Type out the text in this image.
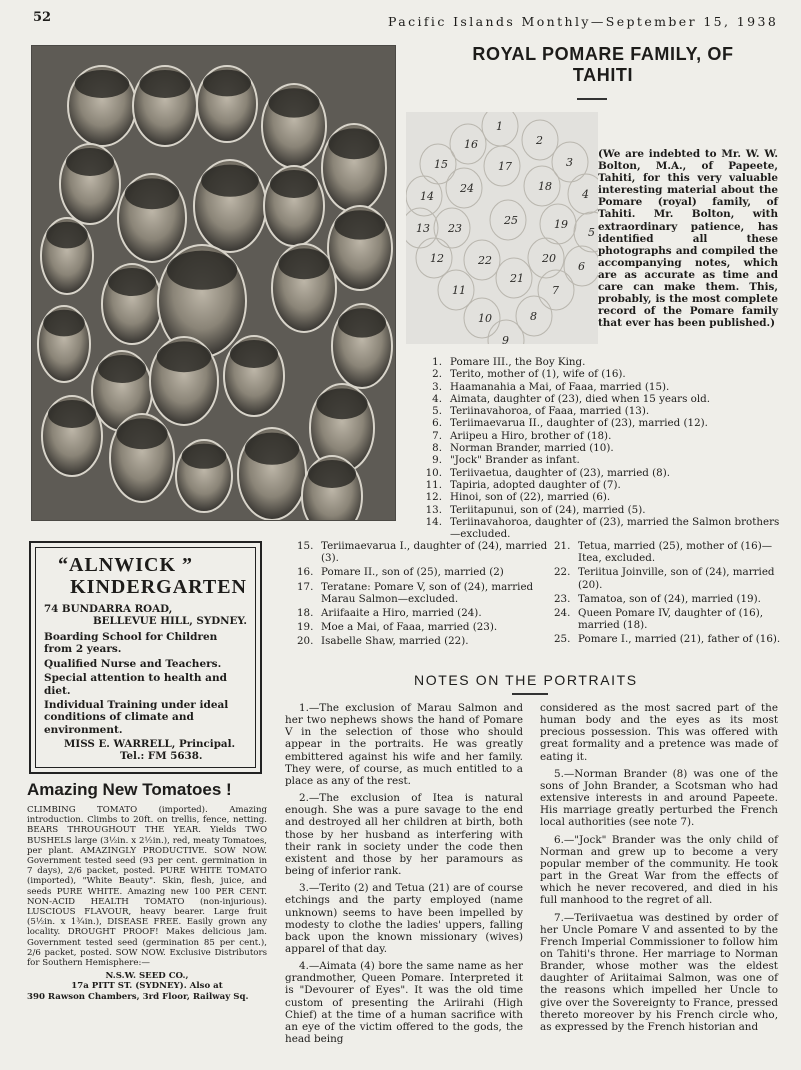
52	Pacific Islands Monthly—September 15, 1938
ROYAL POMARE FAMILY, OF
TAHITI
1
2
3
4
5
6
7
8
9
10
11
12
13
14
15
16
17
18
19
20
21
22
23
24
25
(We are indebted to Mr. W. W. Bolton, M.A., of Papeete, Tahiti, for this very valuable interesting material about the Pomare (royal) family, of Tahiti. Mr. Bolton, with extraordinary patience, has identified all these photographs and compiled the accompanying notes, which are as accurate as time and care can make them. This, probably, is the most complete record of the Pomare family that ever has been published.)
1. Pomare III., the Boy King.
2. Terito, mother of (1), wife of (16).
3. Haamanahia a Mai, of Faaa, married (15).
4. Aimata, daughter of (23), died when 15 years old.
5. Teriinavahoroa, of Faaa, married (13).
6. Teriimaevarua II., daughter of (23), married (12).
7. Ariipeu a Hiro, brother of (18).
8. Norman Brander, married (10).
9. "Jock" Brander as infant.
10. Teriivaetua, daughter of (23), married (8).
11. Tapiria, adopted daughter of (7).
12. Hinoi, son of (22), married (6).
13. Teriitapunui, son of (24), married (5).
14. Teriinavahoroa, daughter of (23), married the Salmon brothers—excluded.
15. Teriimaevarua I., daughter of (24), married (3).
16. Pomare II., son of (25), married (2)
17. Teratane: Pomare V, son of (24), married Marau Salmon—excluded.
18. Ariifaaite a Hiro, married (24).
19. Moe a Mai, of Faaa, married (23).
20. Isabelle Shaw, married (22).
21. Tetua, married (25), mother of (16)—Itea, excluded.
22. Teriitua Joinville, son of (24), married (20).
23. Tamatoa, son of (24), married (19).
24. Queen Pomare IV, daughter of (16), married (18).
25. Pomare I., married (21), father of (16).
“ALNWICK ”
KINDERGARTEN
74 BUNDARRA ROAD,
BELLEVUE HILL, SYDNEY.
Boarding School for Children from 2 years.
Qualified Nurse and Teachers.
Special attention to health and diet.
Individual Training under ideal conditions of climate and environment.
MISS E. WARRELL, Principal.
Tel.: FM 5638.
Amazing New Tomatoes !
CLIMBING TOMATO (imported). Amazing introduction. Climbs to 20ft. on trellis, fence, netting. BEARS THROUGHOUT THE YEAR. Yields TWO BUSHELS large (3½in. x 2½in.), red, meaty Tomatoes, per plant. AMAZINGLY PRODUCTIVE. SOW NOW. Government tested seed (93 per cent. germination in 7 days), 2/6 packet, posted. PURE WHITE TOMATO (imported), "White Beauty". Skin, flesh, juice, and seeds PURE WHITE. Amazing new 100 PER CENT. NON-ACID HEALTH TOMATO (non-injurious). LUSCIOUS FLAVOUR, heavy bearer. Large fruit (5½in. x 1¾in.), DISEASE FREE. Easily grown any locality. DROUGHT PROOF! Makes delicious jam. Government tested seed (germination 85 per cent.), 2/6 packet, posted. SOW NOW. Exclusive Distributors for Southern Hemisphere:—
N.S.W. SEED CO.,
17a PITT ST. (SYDNEY). Also at
390 Rawson Chambers, 3rd Floor, Railway Sq.
NOTES ON THE PORTRAITS

1.—The exclusion of Marau Salmon and her two nephews shows the hand of Pomare V in the selection of those who should appear in the portraits. He was greatly embittered against his wife and her family. They were, of course, as much entitled to a place as any of the rest.

2.—The exclusion of Itea is natural enough. She was a pure savage to the end and destroyed all her children at birth, both those by her husband as interfering with their rank in society under the code then existent and those by her paramours as being of inferior rank.

3.—Terito (2) and Tetua (21) are of course etchings and the party employed (name unknown) seems to have been impelled by modesty to clothe the ladies' uppers, falling back upon the known missionary (wives) apparel of that day.

4.—Aimata (4) bore the same name as her grandmother, Queen Pomare. Interpreted it is "Devourer of Eyes". It was the old time custom of presenting the Ariirahi (High Chief) at the time of a human sacrifice with an eye of the victim offered to the gods, the head being

considered as the most sacred part of the human body and the eyes as its most precious possession. This was offered with great formality and a pretence was made of eating it.

5.—Norman Brander (8) was one of the sons of John Brander, a Scotsman who had extensive interests in and around Papeete. His marriage greatly perturbed the French local authorities (see note 7).

6.—"Jock" Brander was the only child of Norman and grew up to become a very popular member of the community. He took part in the Great War from the effects of which he never recovered, and died in his full manhood to the regret of all.

7.—Teriivaetua was destined by order of her Uncle Pomare V and assented to by the French Imperial Commissioner to follow him on Tahiti's throne. Her marriage to Norman Brander, whose mother was the eldest daughter of Ariitaimai Salmon, was one of the reasons which impelled her Uncle to give over the Sovereignty to France, pressed thereto moreover by his French circle who, as expressed by the French historian and
